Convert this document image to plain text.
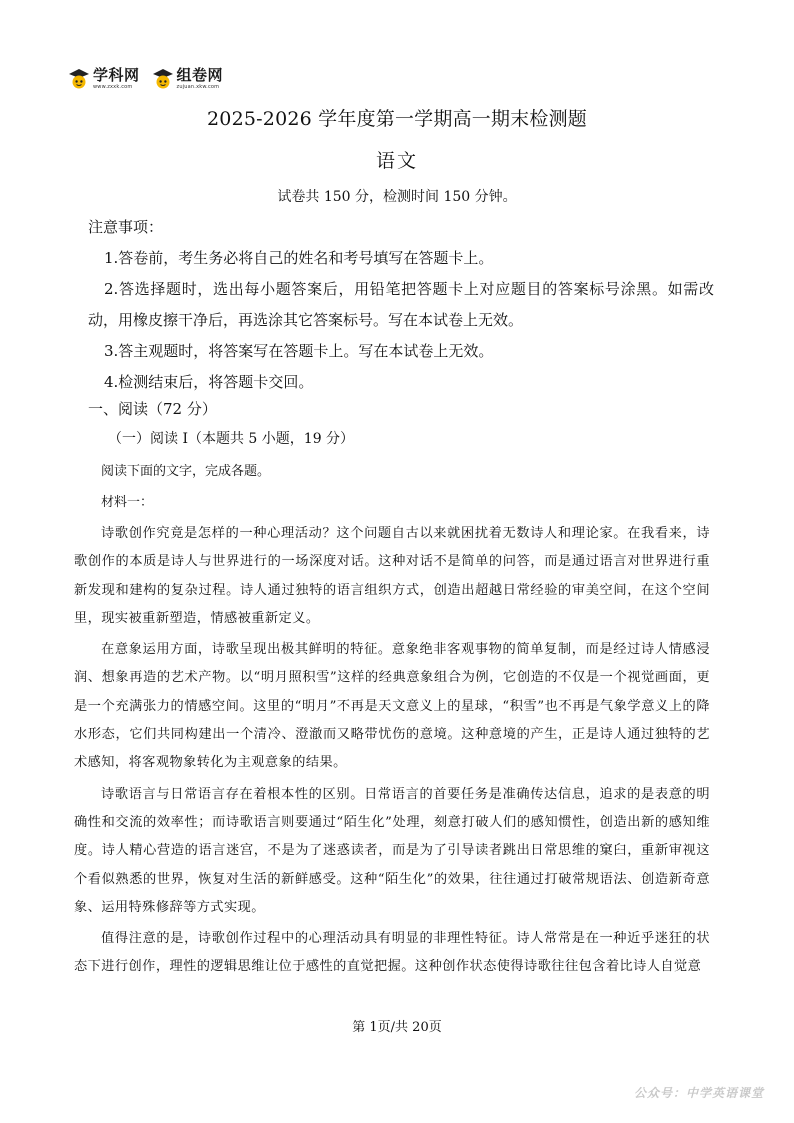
学科网
www.zxxk.com
组卷网
zujuan.xkw.com
2025-2026 学年度第一学期高一期末检测题
语文
试卷共 150 分，检测时间 150 分钟。
注意事项：
1.答卷前，考生务必将自己的姓名和考号填写在答题卡上。
2.答选择题时，选出每小题答案后，用铅笔把答题卡上对应题目的答案标号涂黑。如需改动，用橡皮擦干净后，再选涂其它答案标号。写在本试卷上无效。
3.答主观题时，将答案写在答题卡上。写在本试卷上无效。
4.检测结束后，将答题卡交回。
一、阅读（72 分）
（一）阅读 I（本题共 5 小题，19 分）
阅读下面的文字，完成各题。
材料一：

诗歌创作究竟是怎样的一种心理活动？这个问题自古以来就困扰着无数诗人和理论家。在我看来，诗歌创作的本质是诗人与世界进行的一场深度对话。这种对话不是简单的问答，而是通过语言对世界进行重新发现和建构的复杂过程。诗人通过独特的语言组织方式，创造出超越日常经验的审美空间，在这个空间里，现实被重新塑造，情感被重新定义。

在意象运用方面，诗歌呈现出极其鲜明的特征。意象绝非客观事物的简单复制，而是经过诗人情感浸润、想象再造的艺术产物。以“明月照积雪”这样的经典意象组合为例，它创造的不仅是一个视觉画面，更是一个充满张力的情感空间。这里的“明月”不再是天文意义上的星球，“积雪”也不再是气象学意义上的降水形态，它们共同构建出一个清冷、澄澈而又略带忧伤的意境。这种意境的产生，正是诗人通过独特的艺术感知，将客观物象转化为主观意象的结果。

诗歌语言与日常语言存在着根本性的区别。日常语言的首要任务是准确传达信息，追求的是表意的明确性和交流的效率性；而诗歌语言则要通过“陌生化”处理，刻意打破人们的感知惯性，创造出新的感知维度。诗人精心营造的语言迷宫，不是为了迷惑读者，而是为了引导读者跳出日常思维的窠臼，重新审视这个看似熟悉的世界，恢复对生活的新鲜感受。这种“陌生化”的效果，往往通过打破常规语法、创造新奇意象、运用特殊修辞等方式实现。

值得注意的是，诗歌创作过程中的心理活动具有明显的非理性特征。诗人常常是在一种近乎迷狂的状态下进行创作，理性的逻辑思维让位于感性的直觉把握。这种创作状态使得诗歌往往包含着比诗人自觉意

第 1页/共 20页
公众号：中学英语课堂
